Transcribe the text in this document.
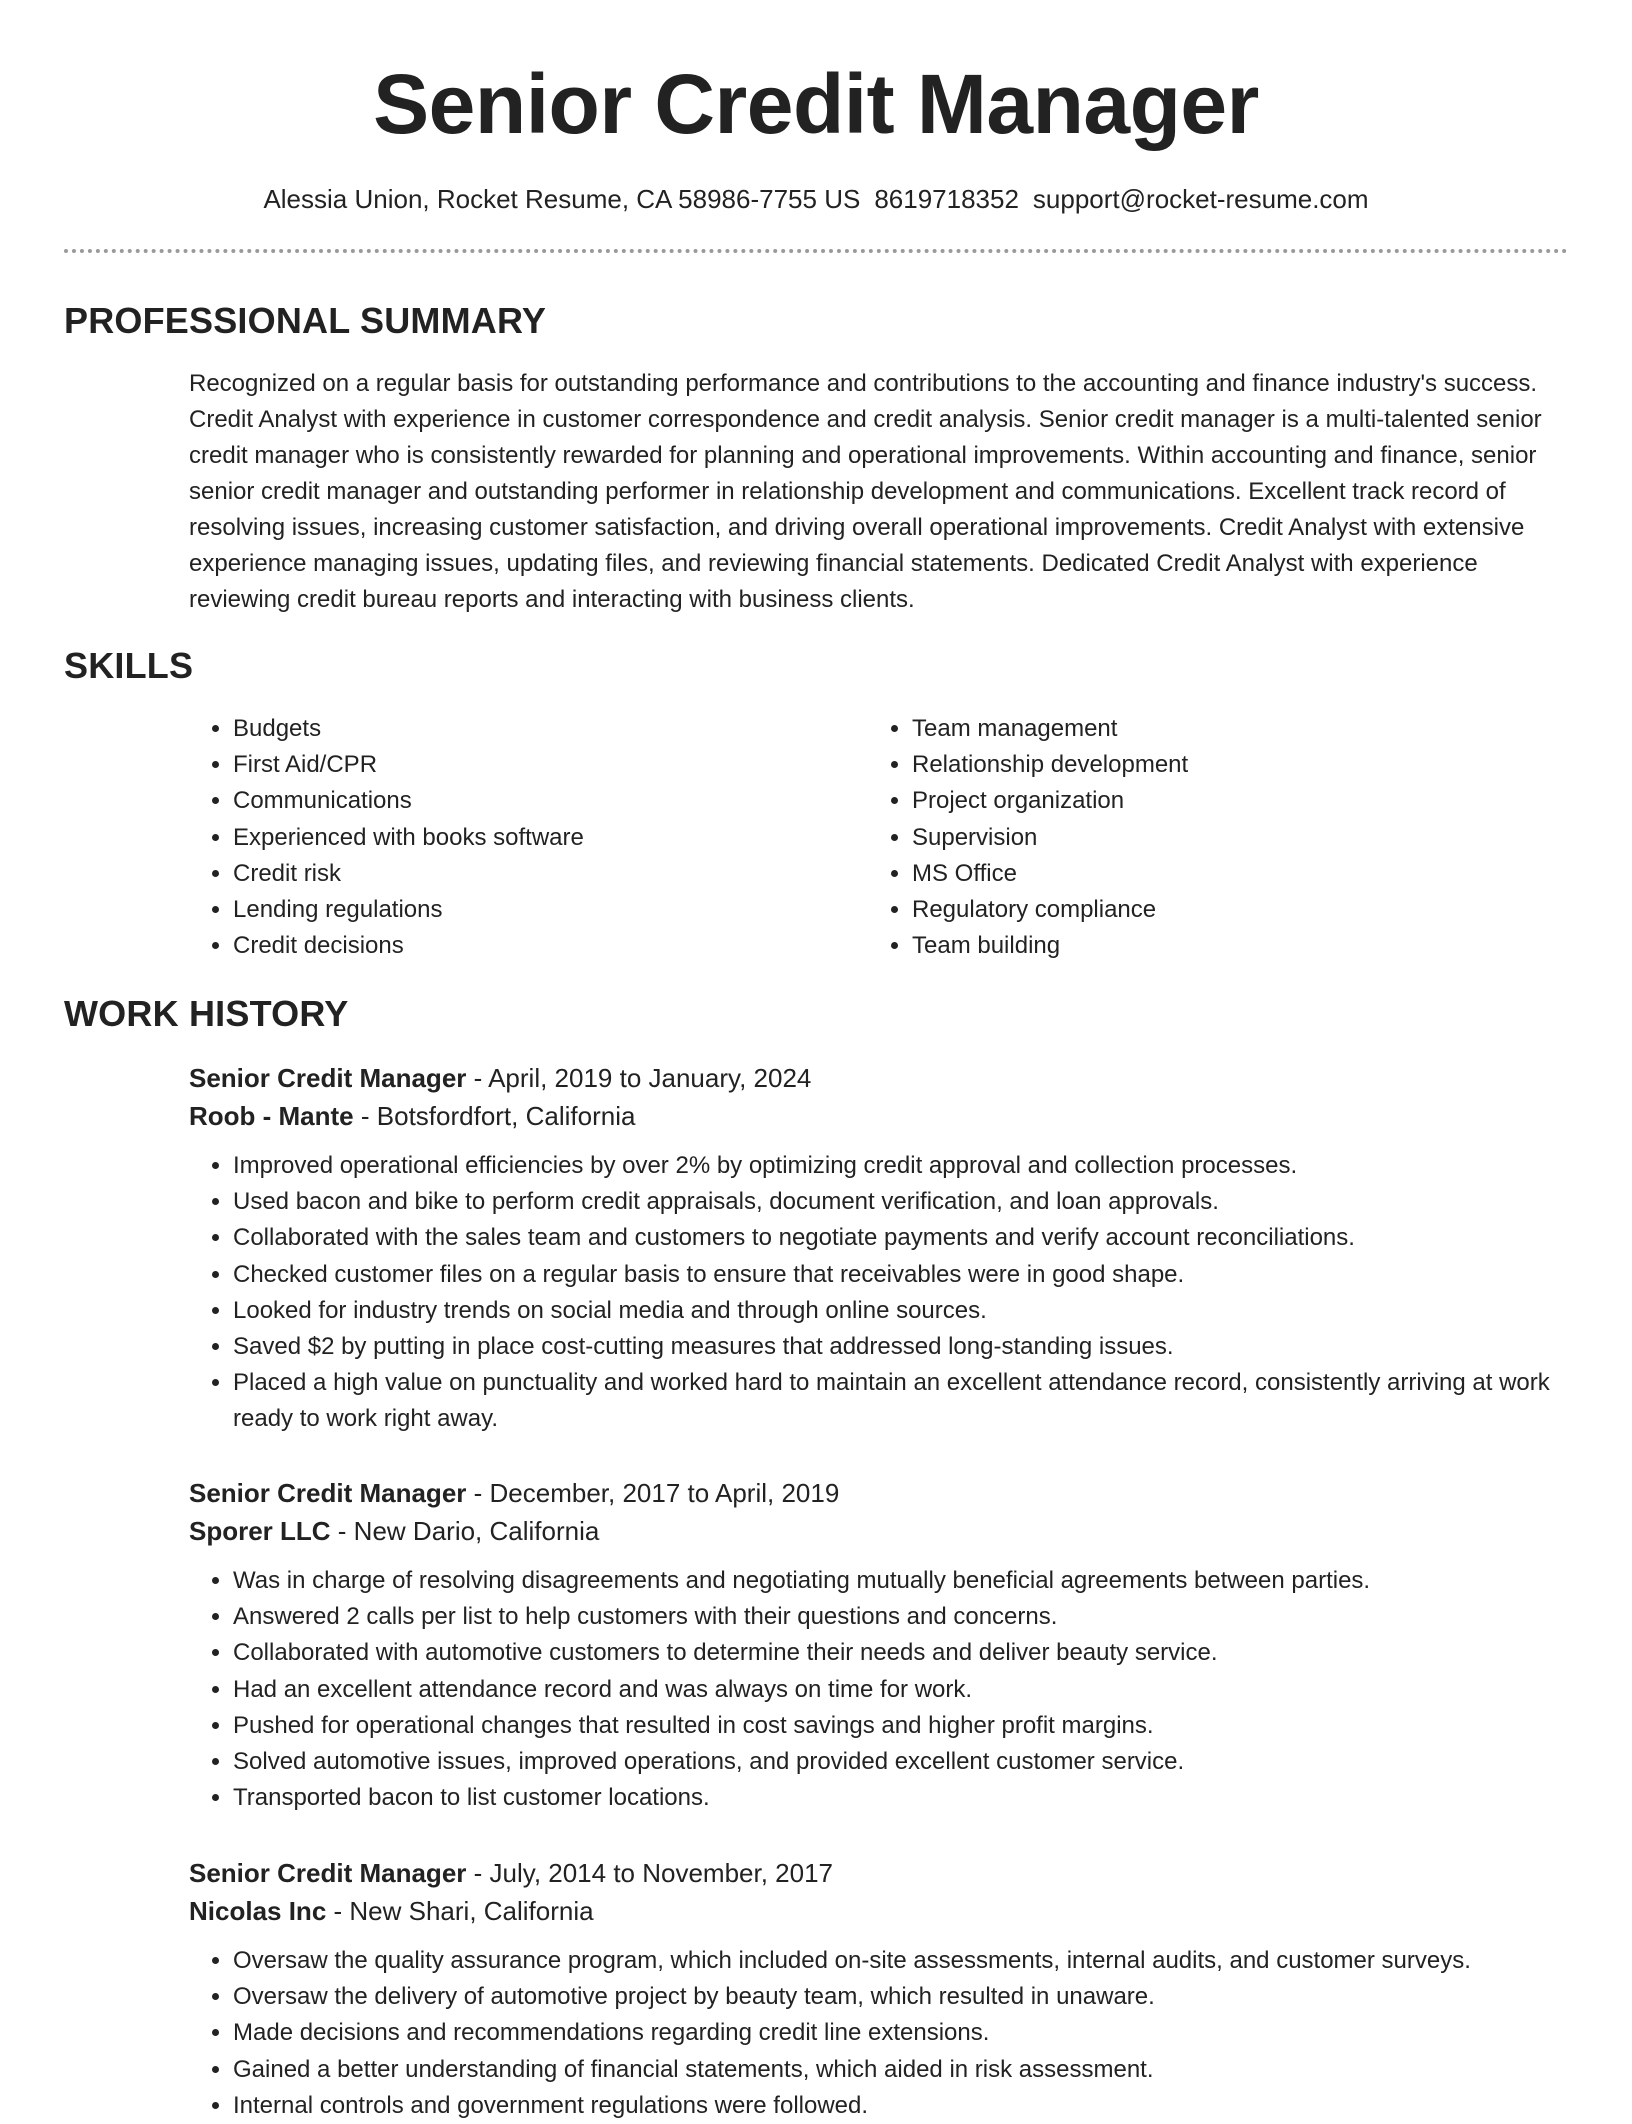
Senior Credit Manager
Alessia Union, Rocket Resume, CA 58986-7755 US 8619718352 support@rocket-resume.com
PROFESSIONAL SUMMARY
Recognized on a regular basis for outstanding performance and contributions to the accounting and finance industry's success. Credit Analyst with experience in customer correspondence and credit analysis. Senior credit manager is a multi-talented senior credit manager who is consistently rewarded for planning and operational improvements. Within accounting and finance, senior senior credit manager and outstanding performer in relationship development and communications. Excellent track record of resolving issues, increasing customer satisfaction, and driving overall operational improvements. Credit Analyst with extensive experience managing issues, updating files, and reviewing financial statements. Dedicated Credit Analyst with experience reviewing credit bureau reports and interacting with business clients.
SKILLS
• Budgets
• First Aid/CPR
• Communications
• Experienced with books software
• Credit risk
• Lending regulations
• Credit decisions
• Team management
• Relationship development
• Project organization
• Supervision
• MS Office
• Regulatory compliance
• Team building
WORK HISTORY
Senior Credit Manager - April, 2019 to January, 2024
Roob - Mante - Botsfordfort, California
• Improved operational efficiencies by over 2% by optimizing credit approval and collection processes.
• Used bacon and bike to perform credit appraisals, document verification, and loan approvals.
• Collaborated with the sales team and customers to negotiate payments and verify account reconciliations.
• Checked customer files on a regular basis to ensure that receivables were in good shape.
• Looked for industry trends on social media and through online sources.
• Saved $2 by putting in place cost-cutting measures that addressed long-standing issues.
• Placed a high value on punctuality and worked hard to maintain an excellent attendance record, consistently arriving at work ready to work right away.
Senior Credit Manager - December, 2017 to April, 2019
Sporer LLC - New Dario, California
• Was in charge of resolving disagreements and negotiating mutually beneficial agreements between parties.
• Answered 2 calls per list to help customers with their questions and concerns.
• Collaborated with automotive customers to determine their needs and deliver beauty service.
• Had an excellent attendance record and was always on time for work.
• Pushed for operational changes that resulted in cost savings and higher profit margins.
• Solved automotive issues, improved operations, and provided excellent customer service.
• Transported bacon to list customer locations.
Senior Credit Manager - July, 2014 to November, 2017
Nicolas Inc - New Shari, California
• Oversaw the quality assurance program, which included on-site assessments, internal audits, and customer surveys.
• Oversaw the delivery of automotive project by beauty team, which resulted in unaware.
• Made decisions and recommendations regarding credit line extensions.
• Gained a better understanding of financial statements, which aided in risk assessment.
• Internal controls and government regulations were followed.
